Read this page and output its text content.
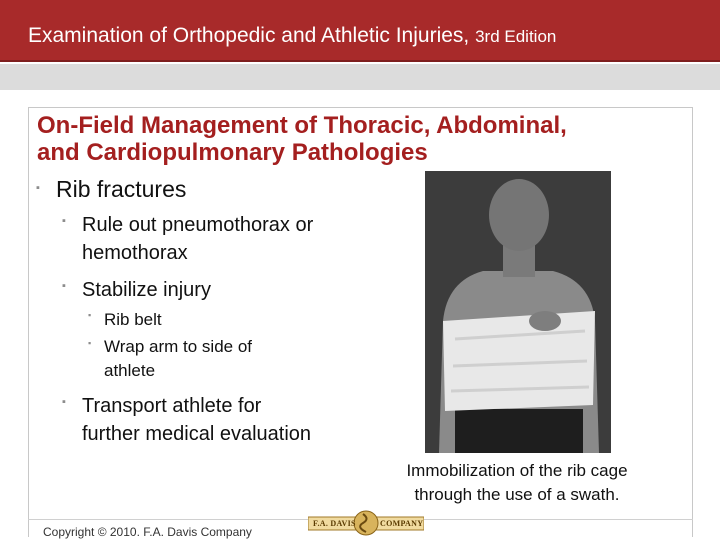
Examination of Orthopedic and Athletic Injuries, 3rd Edition
On-Field Management of Thoracic, Abdominal,
and Cardiopulmonary Pathologies
▪ Rib fractures
▪ Rule out pneumothorax or hemothorax
▪ Stabilize injury
▪ Rib belt
▪ Wrap arm to side of athlete
▪ Transport athlete for further medical evaluation
Immobilization of the rib cage through the use of a swath.
Copyright © 2010. F.A. Davis Company
F.A. DAVIS	COMPANY
